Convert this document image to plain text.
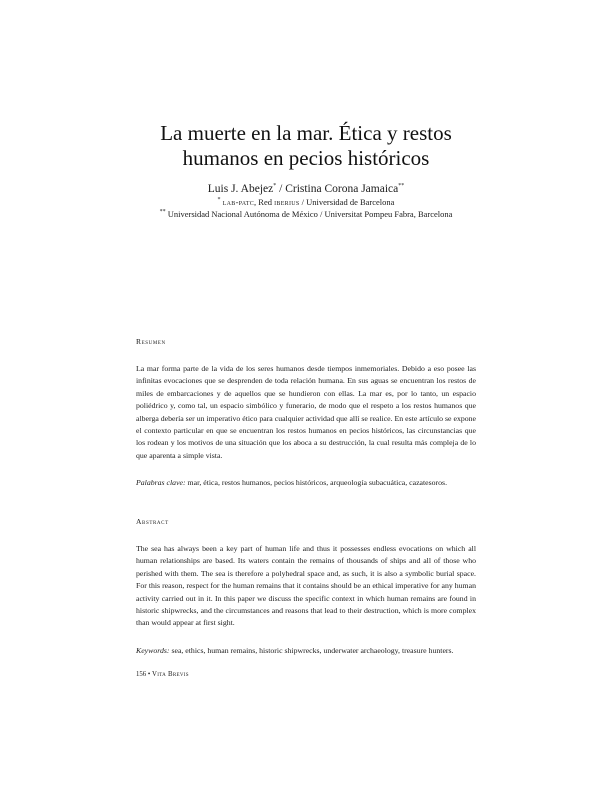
La muerte en la mar. Ética y restos
humanos en pecios históricos
Luis J. Abejez* / Cristina Corona Jamaica**
* lab-patc, Red iberius / Universidad de Barcelona
** Universidad Nacional Autónoma de México / Universitat Pompeu Fabra, Barcelona
Resumen

La mar forma parte de la vida de los seres humanos desde tiempos inmemoriales. Debido a eso posee las infinitas evocaciones que se desprenden de toda relación humana. En sus aguas se encuentran los restos de miles de embarcaciones y de aquellos que se hundieron con ellas. La mar es, por lo tanto, un espacio poliédrico y, como tal, un espacio simbólico y funerario, de modo que el respeto a los restos humanos que alberga debería ser un imperativo ético para cualquier actividad que allí se realice. En este artículo se expone el contexto particular en que se encuentran los restos humanos en pecios históricos, las circunstancias que los rodean y los motivos de una situación que los aboca a su destrucción, la cual resulta más compleja de lo que aparenta a simple vista.

Palabras clave: mar, ética, restos humanos, pecios históricos, arqueología subacuática, cazatesoros.

Abstract

The sea has always been a key part of human life and thus it possesses endless evocations on which all human relationships are based. Its waters contain the remains of thousands of ships and all of those who perished with them. The sea is therefore a polyhedral space and, as such, it is also a symbolic burial space. For this reason, respect for the human remains that it contains should be an ethical imperative for any human activity carried out in it. In this paper we discuss the specific context in which human remains are found in historic shipwrecks, and the circumstances and reasons that lead to their destruction, which is more complex than would appear at first sight.

Keywords: sea, ethics, human remains, historic shipwrecks, underwater archaeology, treasure hunters.

156 • Vita Brevis
